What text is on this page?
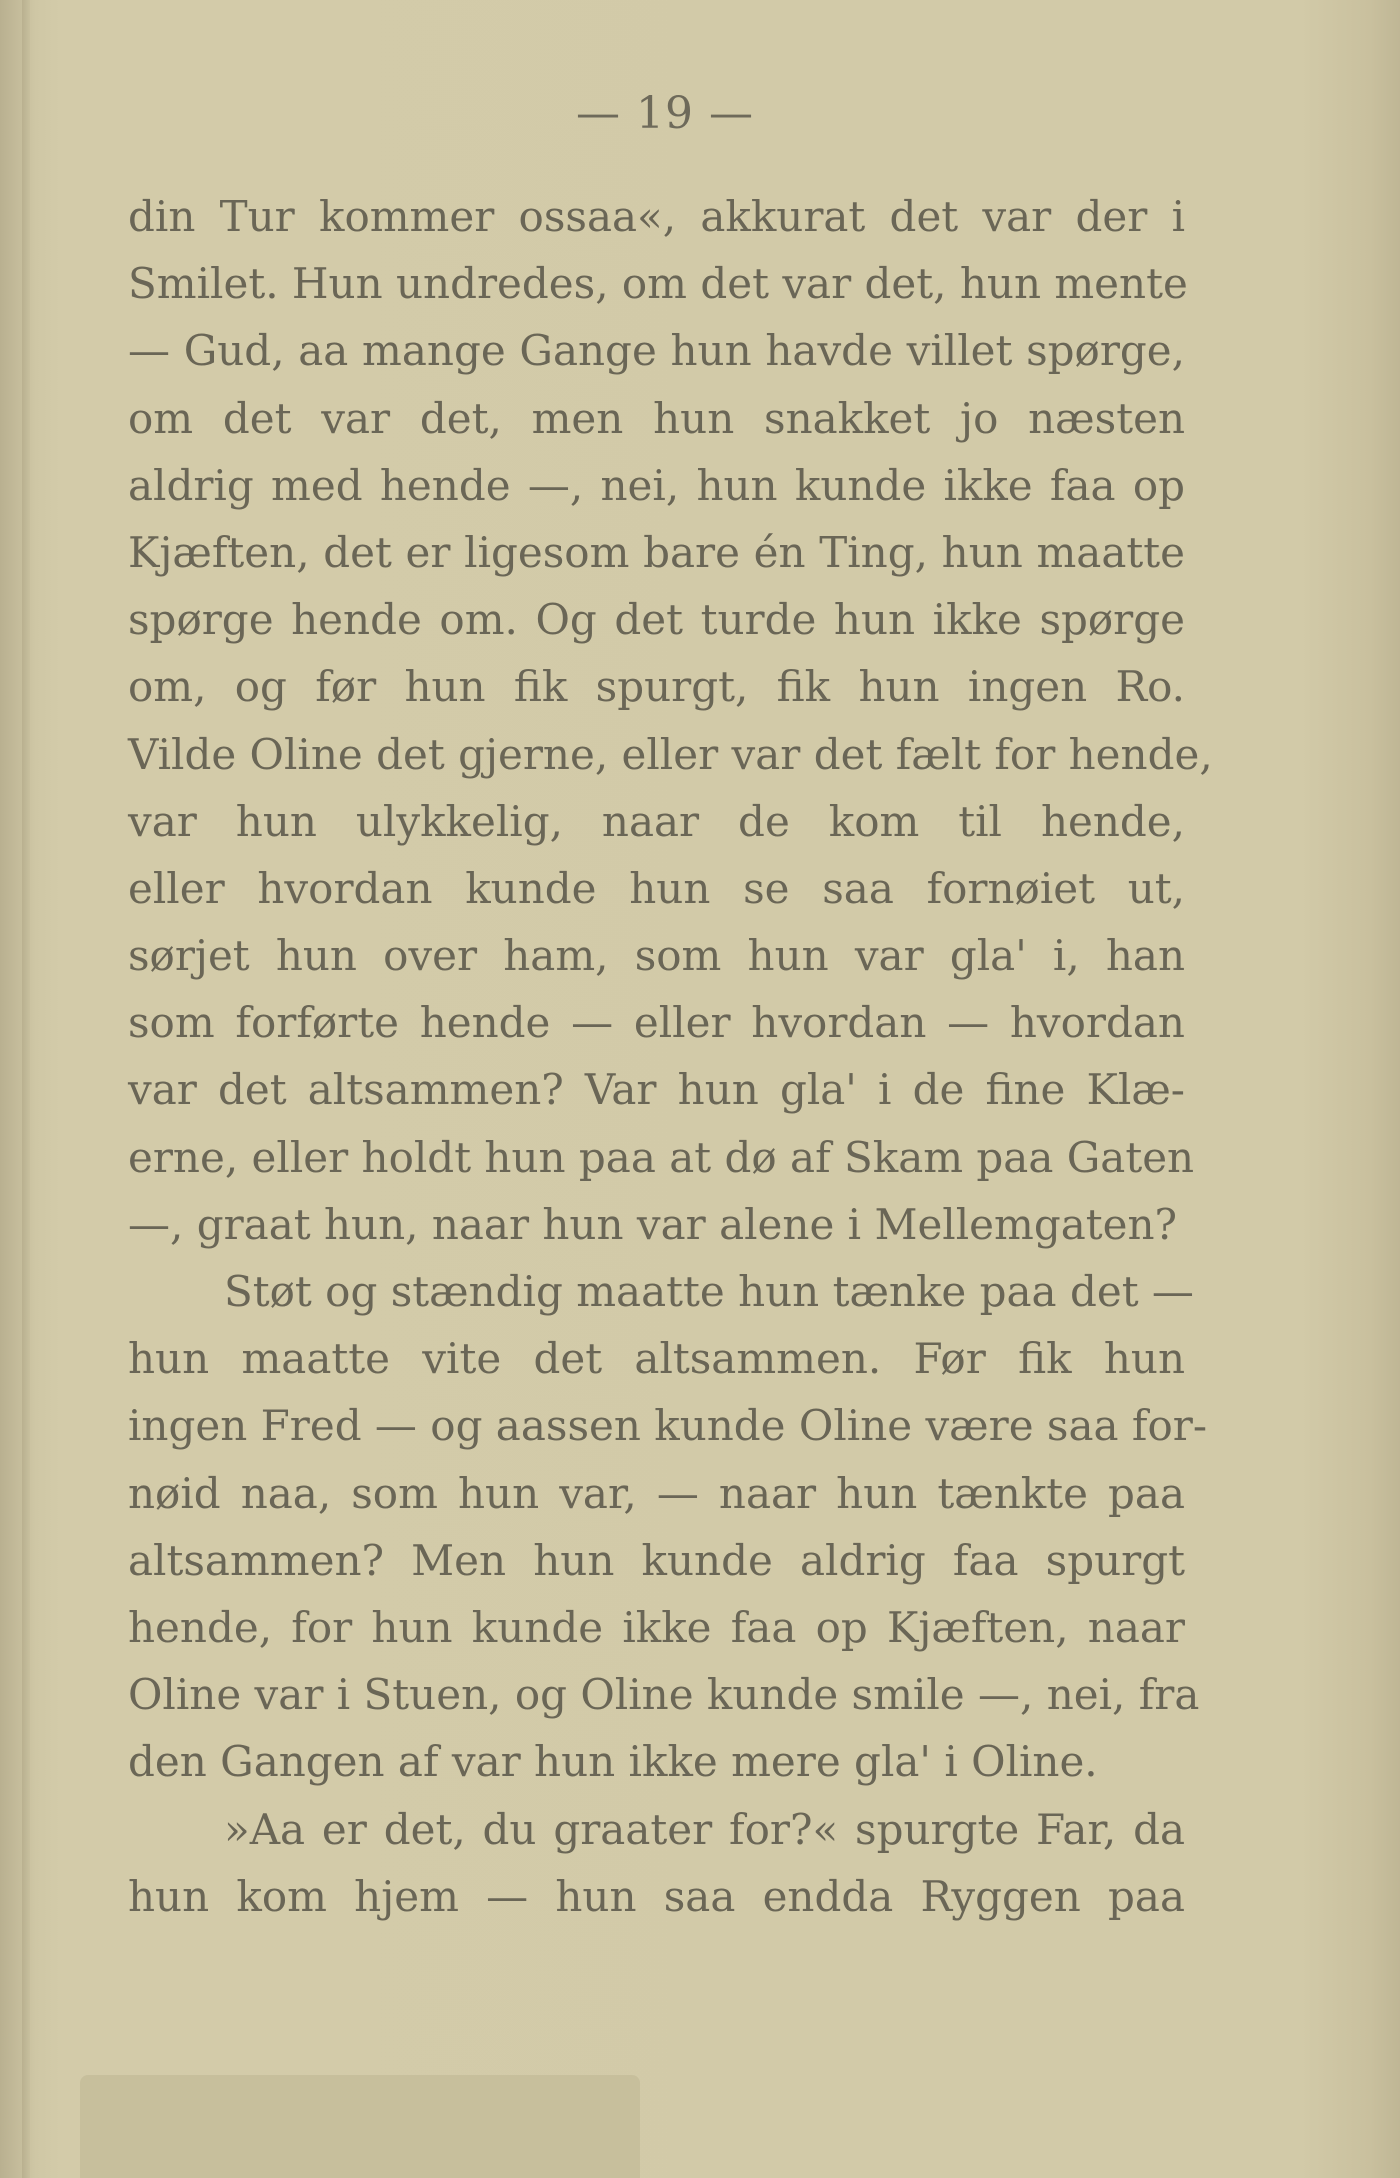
— 19 —
din Tur kommer ossaa«, akkurat det var der i
Smilet. Hun undredes, om det var det, hun mente
— Gud, aa mange Gange hun havde villet spørge,
om det var det, men hun snakket jo næsten
aldrig med hende —, nei, hun kunde ikke faa op
Kjæften, det er ligesom bare én Ting, hun maatte
spørge hende om. Og det turde hun ikke spørge
om, og før hun fik spurgt, fik hun ingen Ro.
Vilde Oline det gjerne, eller var det fælt for hende,
var hun ulykkelig, naar de kom til hende,
eller hvordan kunde hun se saa fornøiet ut,
sørjet hun over ham, som hun var gla' i, han
som forførte hende — eller hvordan — hvordan
var det altsammen? Var hun gla' i de fine Klæ-
erne, eller holdt hun paa at dø af Skam paa Gaten
—, graat hun, naar hun var alene i Mellemgaten?
Støt og stændig maatte hun tænke paa det —
hun maatte vite det altsammen. Før fik hun
ingen Fred — og aassen kunde Oline være saa for-
nøid naa, som hun var, — naar hun tænkte paa
altsammen? Men hun kunde aldrig faa spurgt
hende, for hun kunde ikke faa op Kjæften, naar
Oline var i Stuen, og Oline kunde smile —, nei, fra
den Gangen af var hun ikke mere gla' i Oline.
»Aa er det, du graater for?« spurgte Far, da
hun kom hjem — hun saa endda Ryggen paa
